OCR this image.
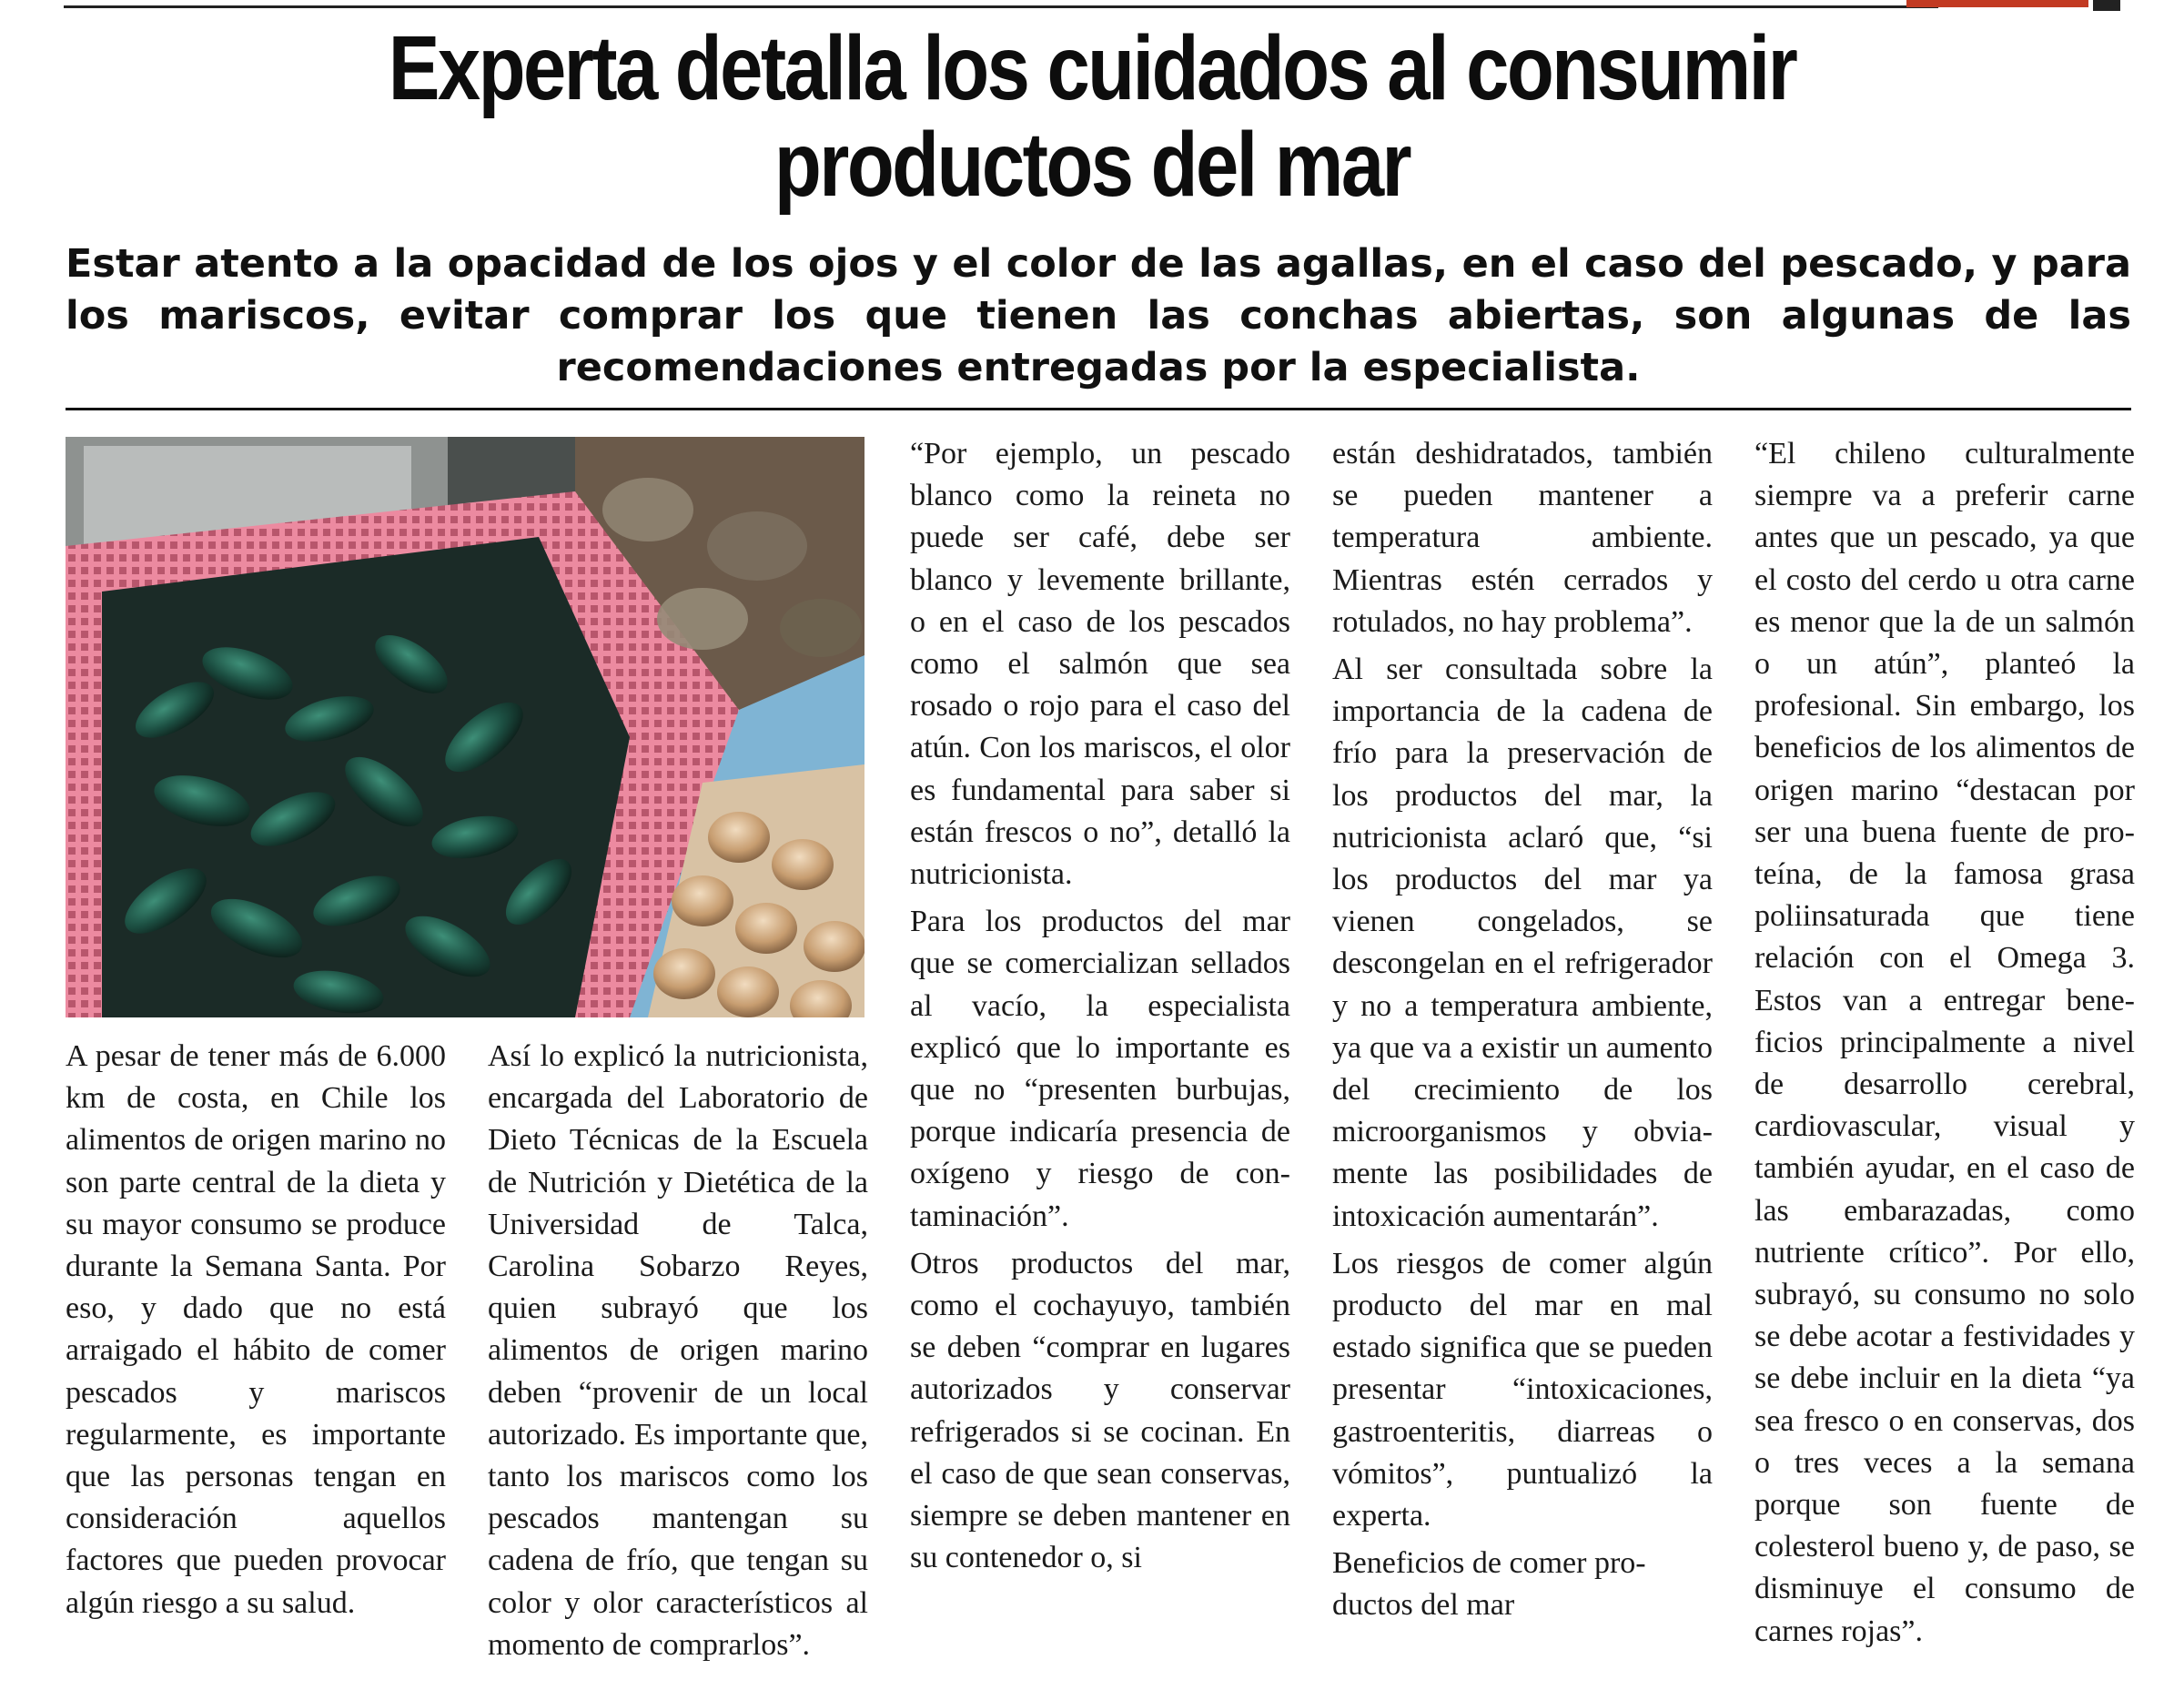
Experta detalla los cuidados al consumir
productos del mar
Estar atento a la opacidad de los ojos y el color de las agallas, en el caso del pescado, y para los mariscos, evitar comprar los que tienen las conchas abiertas, son algunas de las recomendaciones entregadas por la especialista.

A pesar de tener más de 6.000 km de costa, en Chile los alimentos de origen marino no son parte central de la dieta y su mayor consumo se produce durante la Semana Santa. Por eso, y dado que no está arraigado el hábito de comer pescados y mariscos regularmente, es importante que las personas tengan en consideración aquellos factores que pueden provocar algún riesgo a su salud.

Así lo explicó la nutricionista, encargada del Laboratorio de Dieto Técnicas de la Escuela de Nutrición y Dietética de la Universidad de Talca, Carolina Sobarzo Reyes, quien subrayó que los alimentos de origen marino deben “provenir de un local autorizado. Es importante que, tanto los mariscos como los pescados mantengan su cadena de frío, que tengan su color y olor característicos al momento de comprarlos”.

“Por ejemplo, un pescado blanco como la reineta no puede ser café, debe ser blanco y levemente brillante, o en el caso de los pescados como el salmón que sea rosado o rojo para el caso del atún. Con los mariscos, el olor es fundamental para saber si están frescos o no”, detalló la nutricionista.

Para los productos del mar que se comercializan sellados al vacío, la especialista explicó que lo importante es que no “presenten burbujas, porque indicaría presencia de oxígeno y riesgo de contaminación”.

Otros productos del mar, como el cochayuyo, también se deben “comprar en lugares autorizados y conservar refrigerados si se cocinan. En el caso de que sean conservas, siempre se deben mantener en su contenedor o, si

están deshidratados, también se pueden mantener a temperatura ambiente. Mientras estén cerrados y rotulados, no hay problema”.

Al ser consultada sobre la importancia de la cadena de frío para la preservación de los productos del mar, la nutricionista aclaró que, “si los productos del mar ya vienen congelados, se descongelan en el refrigerador y no a temperatura ambiente, ya que va a existir un aumento del crecimiento de los microorganismos y obviamente las posibilidades de intoxicación aumentarán”.

Los riesgos de comer algún producto del mar en mal estado significa que se pueden presentar “intoxicaciones, gastroenteritis, diarreas o vómitos”, puntualizó la experta.

Beneficios de comer productos del mar

“El chileno culturalmente siempre va a preferir carne antes que un pescado, ya que el costo del cerdo u otra carne es menor que la de un salmón o un atún”, planteó la profesional. Sin embargo, los beneficios de los alimentos de origen marino “destacan por ser una buena fuente de proteína, de la famosa grasa poliinsaturada que tiene relación con el Omega 3. Estos van a entregar beneficios principalmente a nivel de desarrollo cerebral, cardiovascular, visual y también ayudar, en el caso de las embarazadas, como nutriente crítico”. Por ello, subrayó, su consumo no solo se debe acotar a festividades y se debe incluir en la dieta “ya sea fresco o en conservas, dos o tres veces a la semana porque son fuente de colesterol bueno y, de paso, se disminuye el consumo de carnes rojas”.
